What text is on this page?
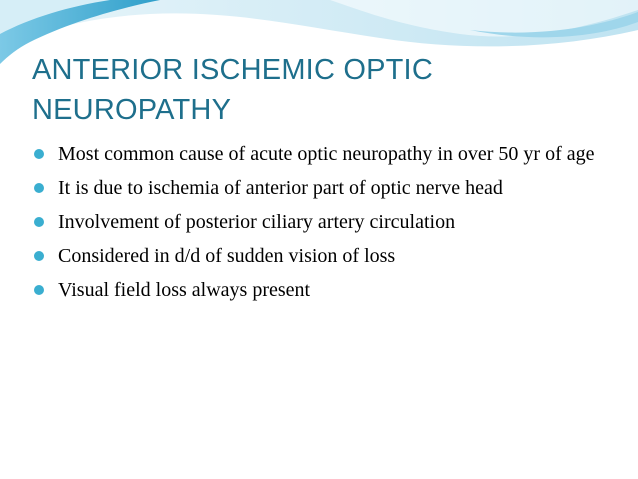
ANTERIOR ISCHEMIC OPTIC
NEUROPATHY
Most common cause of acute optic neuropathy in over 50 yr of age
It is due to ischemia of anterior part of optic nerve head
Involvement of posterior ciliary artery circulation
Considered in d/d of sudden vision of loss
Visual field loss always present
